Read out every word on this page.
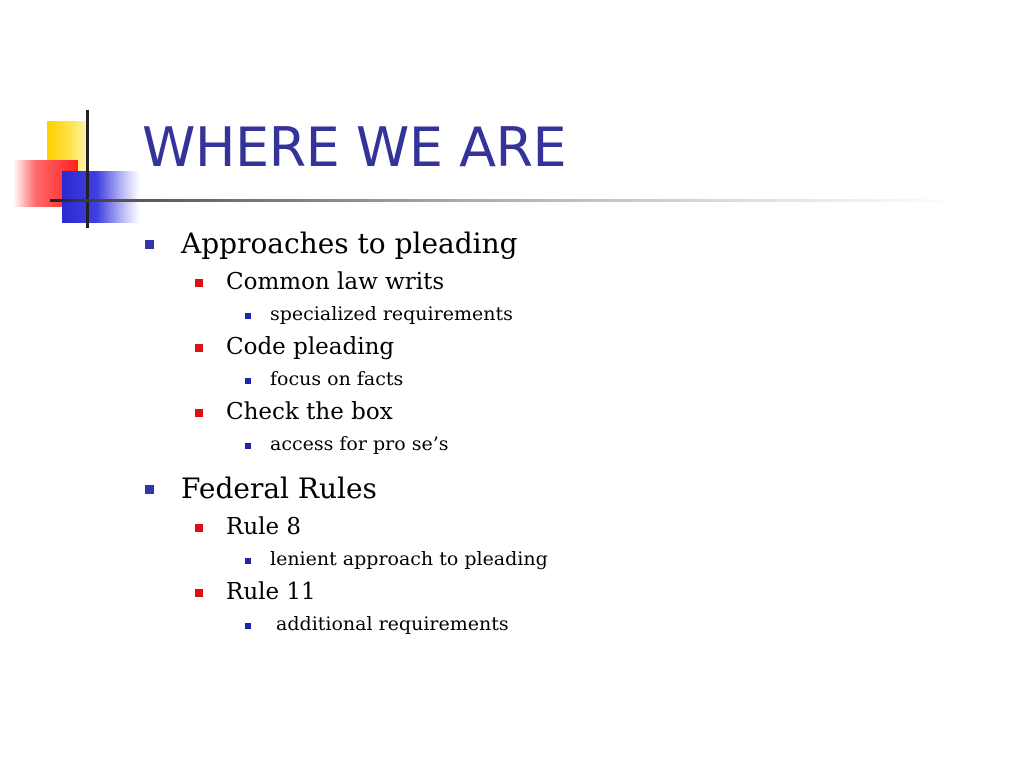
WHERE WE ARE
Approaches to pleading
Common law writs
specialized requirements
Code pleading
focus on facts
Check the box
access for pro se’s
Federal Rules
Rule 8
lenient approach to pleading
Rule 11
additional requirements
